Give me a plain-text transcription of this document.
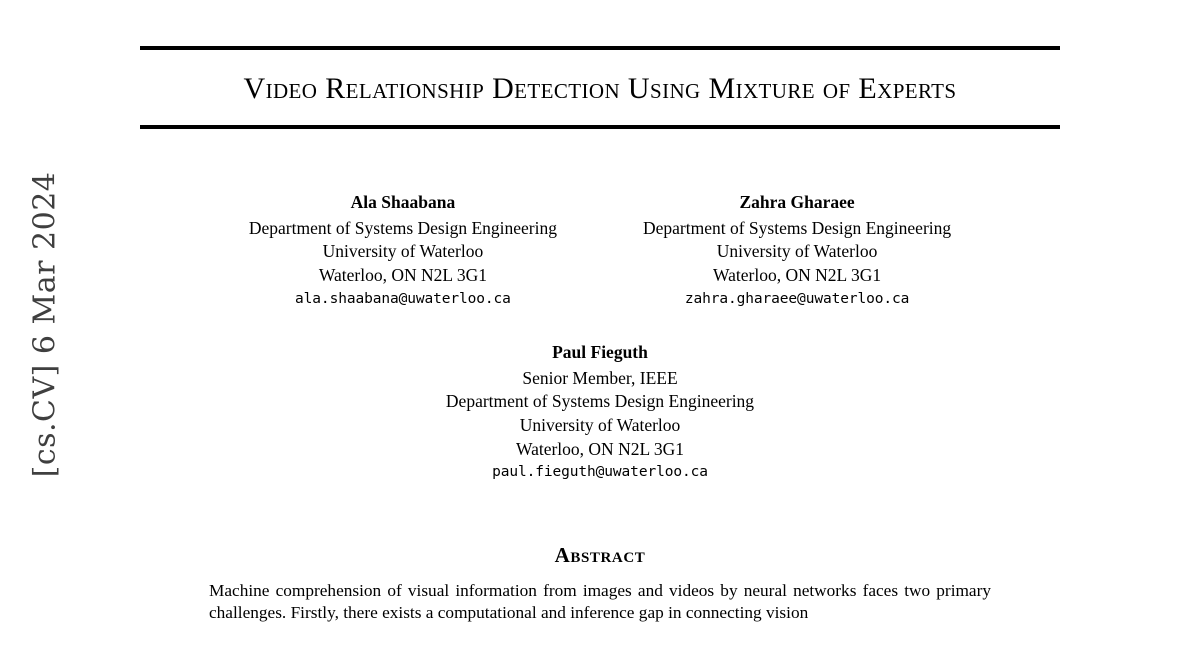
[cs.CV] 6 Mar 2024
Video Relationship Detection Using Mixture of Experts
Ala Shaabana
Department of Systems Design Engineering
University of Waterloo
Waterloo, ON N2L 3G1
ala.shaabana@uwaterloo.ca
Zahra Gharaee
Department of Systems Design Engineering
University of Waterloo
Waterloo, ON N2L 3G1
zahra.gharaee@uwaterloo.ca
Paul Fieguth
Senior Member, IEEE
Department of Systems Design Engineering
University of Waterloo
Waterloo, ON N2L 3G1
paul.fieguth@uwaterloo.ca
Abstract

Machine comprehension of visual information from images and videos by neural networks faces two primary challenges. Firstly, there exists a computational and inference gap in connecting vision
